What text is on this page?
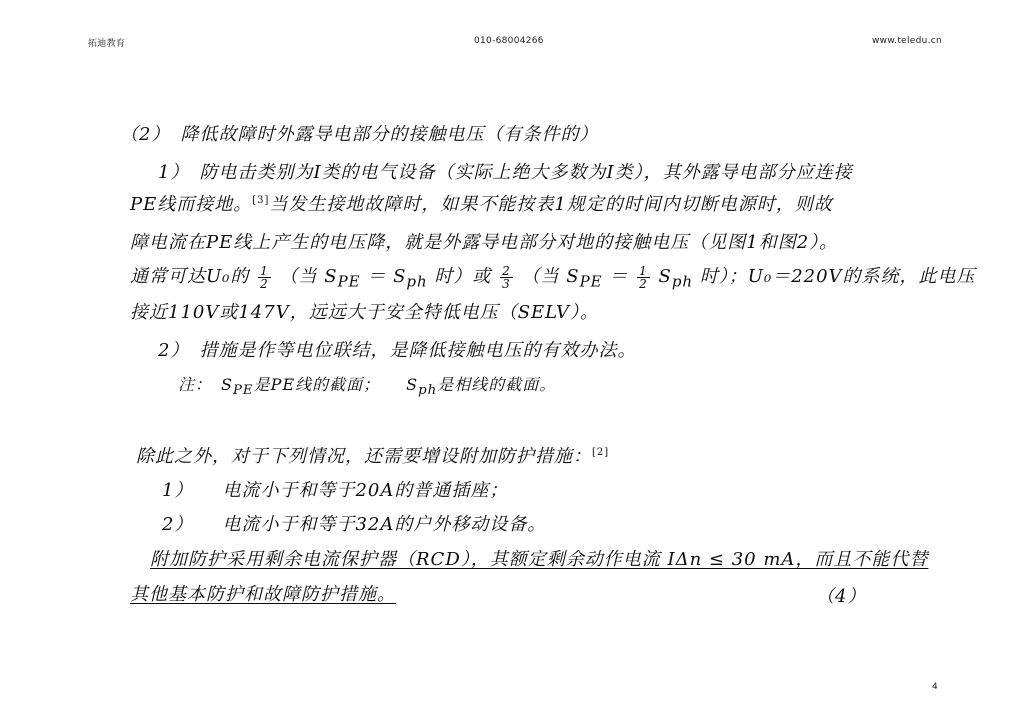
拓迪教育	010-68004266	www.teledu.cn
（2）　降低故障时外露导电部分的接触电压（有条件的）
1）　防电击类别为Ⅰ类的电气设备（实际上绝大多数为Ⅰ类），其外露导电部分应连接
PE线而接地。[3]当发生接地故障时，如果不能按表1规定的时间内切断电源时，则故
障电流在PE线上产生的电压降，就是外露导电部分对地的接触电压（见图1和图2）。
通常可达U₀的 $\frac{1}{2}$ （当 $S_{PE} = S_{ph}$ 时）或 $\frac{2}{3}$ （当 $S_{PE} = \frac{1}{2} S_{ph}$ 时）；U₀＝220V的系统，此电压
接近110V或147V，远远大于安全特低电压（SELV）。
2）　措施是作等电位联结，是降低接触电压的有效办法。
注：　$S_{PE}$是PE线的截面；　　$S_{ph}$是相线的截面。
除此之外，对于下列情况，还需要增设附加防护措施：[2]
1）　　电流小于和等于20A的普通插座；
2）　　电流小于和等于32A的户外移动设备。
附加防护采用剩余电流保护器（RCD），其额定剩余动作电流 IΔn ≤ 30 mA，而且不能代替
其他基本防护和故障防护措施。	（4）
4
